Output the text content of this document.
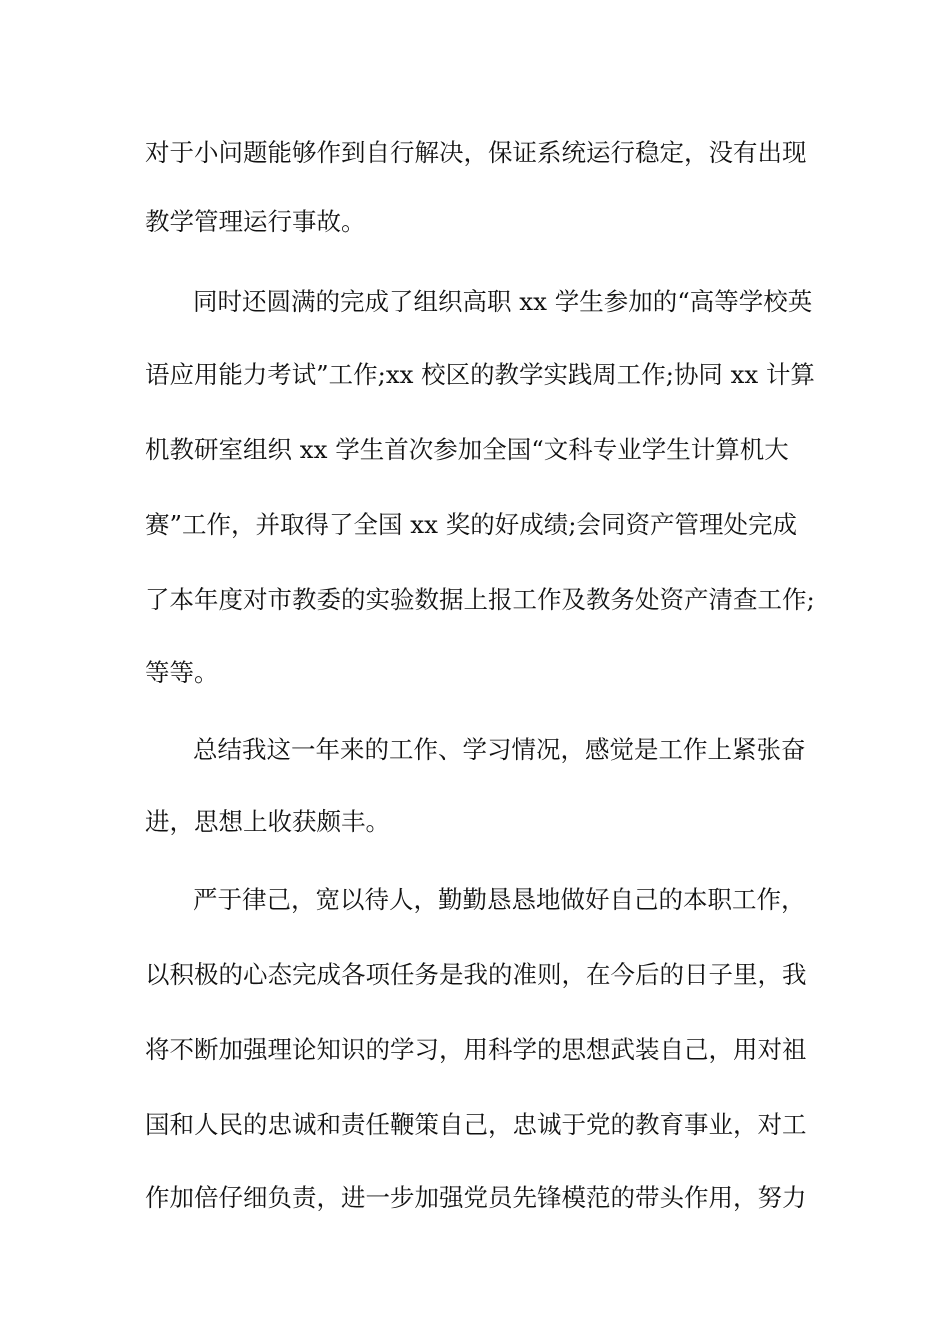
对于小问题能够作到自行解决，保证系统运行稳定，没有出现
教学管理运行事故。
同时还圆满的完成了组织高职 xx 学生参加的“高等学校英
语应用能力考试”工作;xx 校区的教学实践周工作;协同 xx 计算
机教研室组织 xx 学生首次参加全国“文科专业学生计算机大
赛”工作，并取得了全国 xx 奖的好成绩;会同资产管理处完成
了本年度对市教委的实验数据上报工作及教务处资产清查工作;
等等。
总结我这一年来的工作、学习情况，感觉是工作上紧张奋
进，思想上收获颇丰。
严于律己，宽以待人，勤勤恳恳地做好自己的本职工作，
以积极的心态完成各项任务是我的准则，在今后的日子里，我
将不断加强理论知识的学习，用科学的思想武装自己，用对祖
国和人民的忠诚和责任鞭策自己，忠诚于党的教育事业，对工
作加倍仔细负责，进一步加强党员先锋模范的带头作用，努力
